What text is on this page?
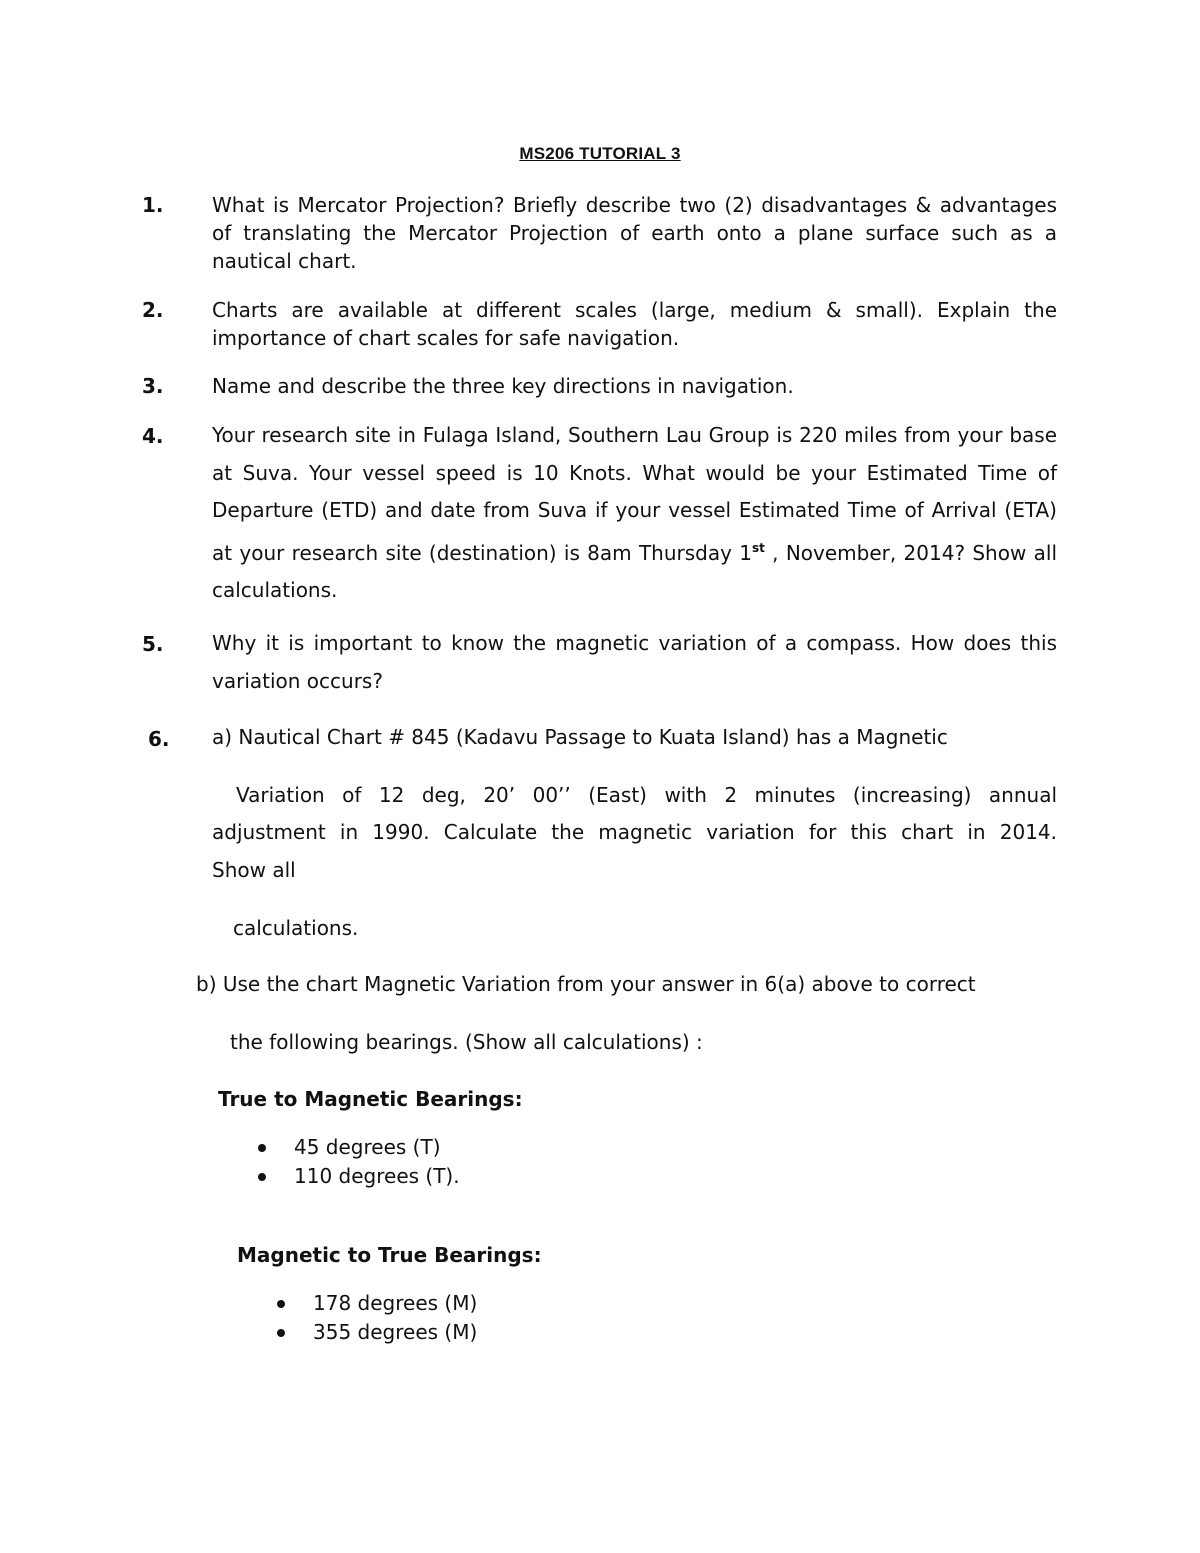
MS206 TUTORIAL 3
1. What is Mercator Projection? Briefly describe two (2) disadvantages & advantages of translating the Mercator Projection of earth onto a plane surface such as a nautical chart.
2. Charts are available at different scales (large, medium & small). Explain the importance of chart scales for safe navigation.
3. Name and describe the three key directions in navigation.
4. Your research site in Fulaga Island, Southern Lau Group is 220 miles from your base at Suva. Your vessel speed is 10 Knots. What would be your Estimated Time of Departure (ETD) and date from Suva if your vessel Estimated Time of Arrival (ETA) at your research site (destination) is 8am Thursday 1st , November, 2014? Show all calculations.
5. Why it is important to know the magnetic variation of a compass. How does this variation occurs?
6. a) Nautical Chart # 845 (Kadavu Passage to Kuata Island) has a Magnetic
Variation of 12 deg, 20’ 00’’ (East) with 2 minutes (increasing) annual
adjustment in 1990. Calculate the magnetic variation for this chart in 2014.
Show all
calculations.
b) Use the chart Magnetic Variation from your answer in 6(a) above to correct
the following bearings. (Show all calculations) :
True to Magnetic Bearings:
45 degrees (T)
110 degrees (T).
Magnetic to True Bearings:
178 degrees (M)
355 degrees (M)
